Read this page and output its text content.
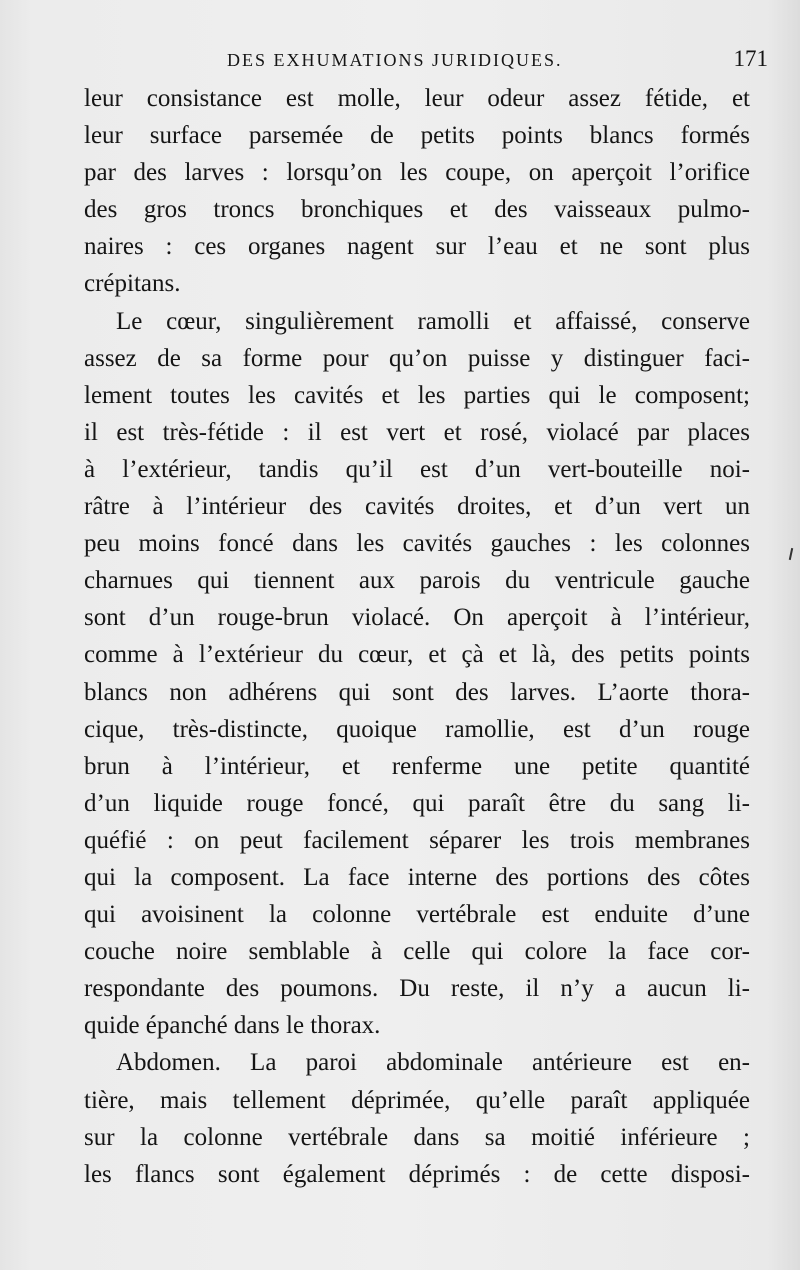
DES EXHUMATIONS JURIDIQUES.	171
leur consistance est molle, leur odeur assez fétide, et
leur surface parsemée de petits points blancs formés
par des larves : lorsqu’on les coupe, on aperçoit l’orifice
des gros troncs bronchiques et des vaisseaux pulmo-
naires : ces organes nagent sur l’eau et ne sont plus
crépitans.
Le cœur, singulièrement ramolli et affaissé, conserve
assez de sa forme pour qu’on puisse y distinguer faci-
lement toutes les cavités et les parties qui le composent;
il est très-fétide : il est vert et rosé, violacé par places
à l’extérieur, tandis qu’il est d’un vert-bouteille noi-
râtre à l’intérieur des cavités droites, et d’un vert un
peu moins foncé dans les cavités gauches : les colonnes
charnues qui tiennent aux parois du ventricule gauche
sont d’un rouge-brun violacé. On aperçoit à l’intérieur,
comme à l’extérieur du cœur, et çà et là, des petits points
blancs non adhérens qui sont des larves. L’aorte thora-
cique, très-distincte, quoique ramollie, est d’un rouge
brun à l’intérieur, et renferme une petite quantité
d’un liquide rouge foncé, qui paraît être du sang li-
quéfié : on peut facilement séparer les trois membranes
qui la composent. La face interne des portions des côtes
qui avoisinent la colonne vertébrale est enduite d’une
couche noire semblable à celle qui colore la face cor-
respondante des poumons. Du reste, il n’y a aucun li-
quide épanché dans le thorax.
Abdomen. La paroi abdominale antérieure est en-
tière, mais tellement déprimée, qu’elle paraît appliquée
sur la colonne vertébrale dans sa moitié inférieure ;
les flancs sont également déprimés : de cette disposi-
